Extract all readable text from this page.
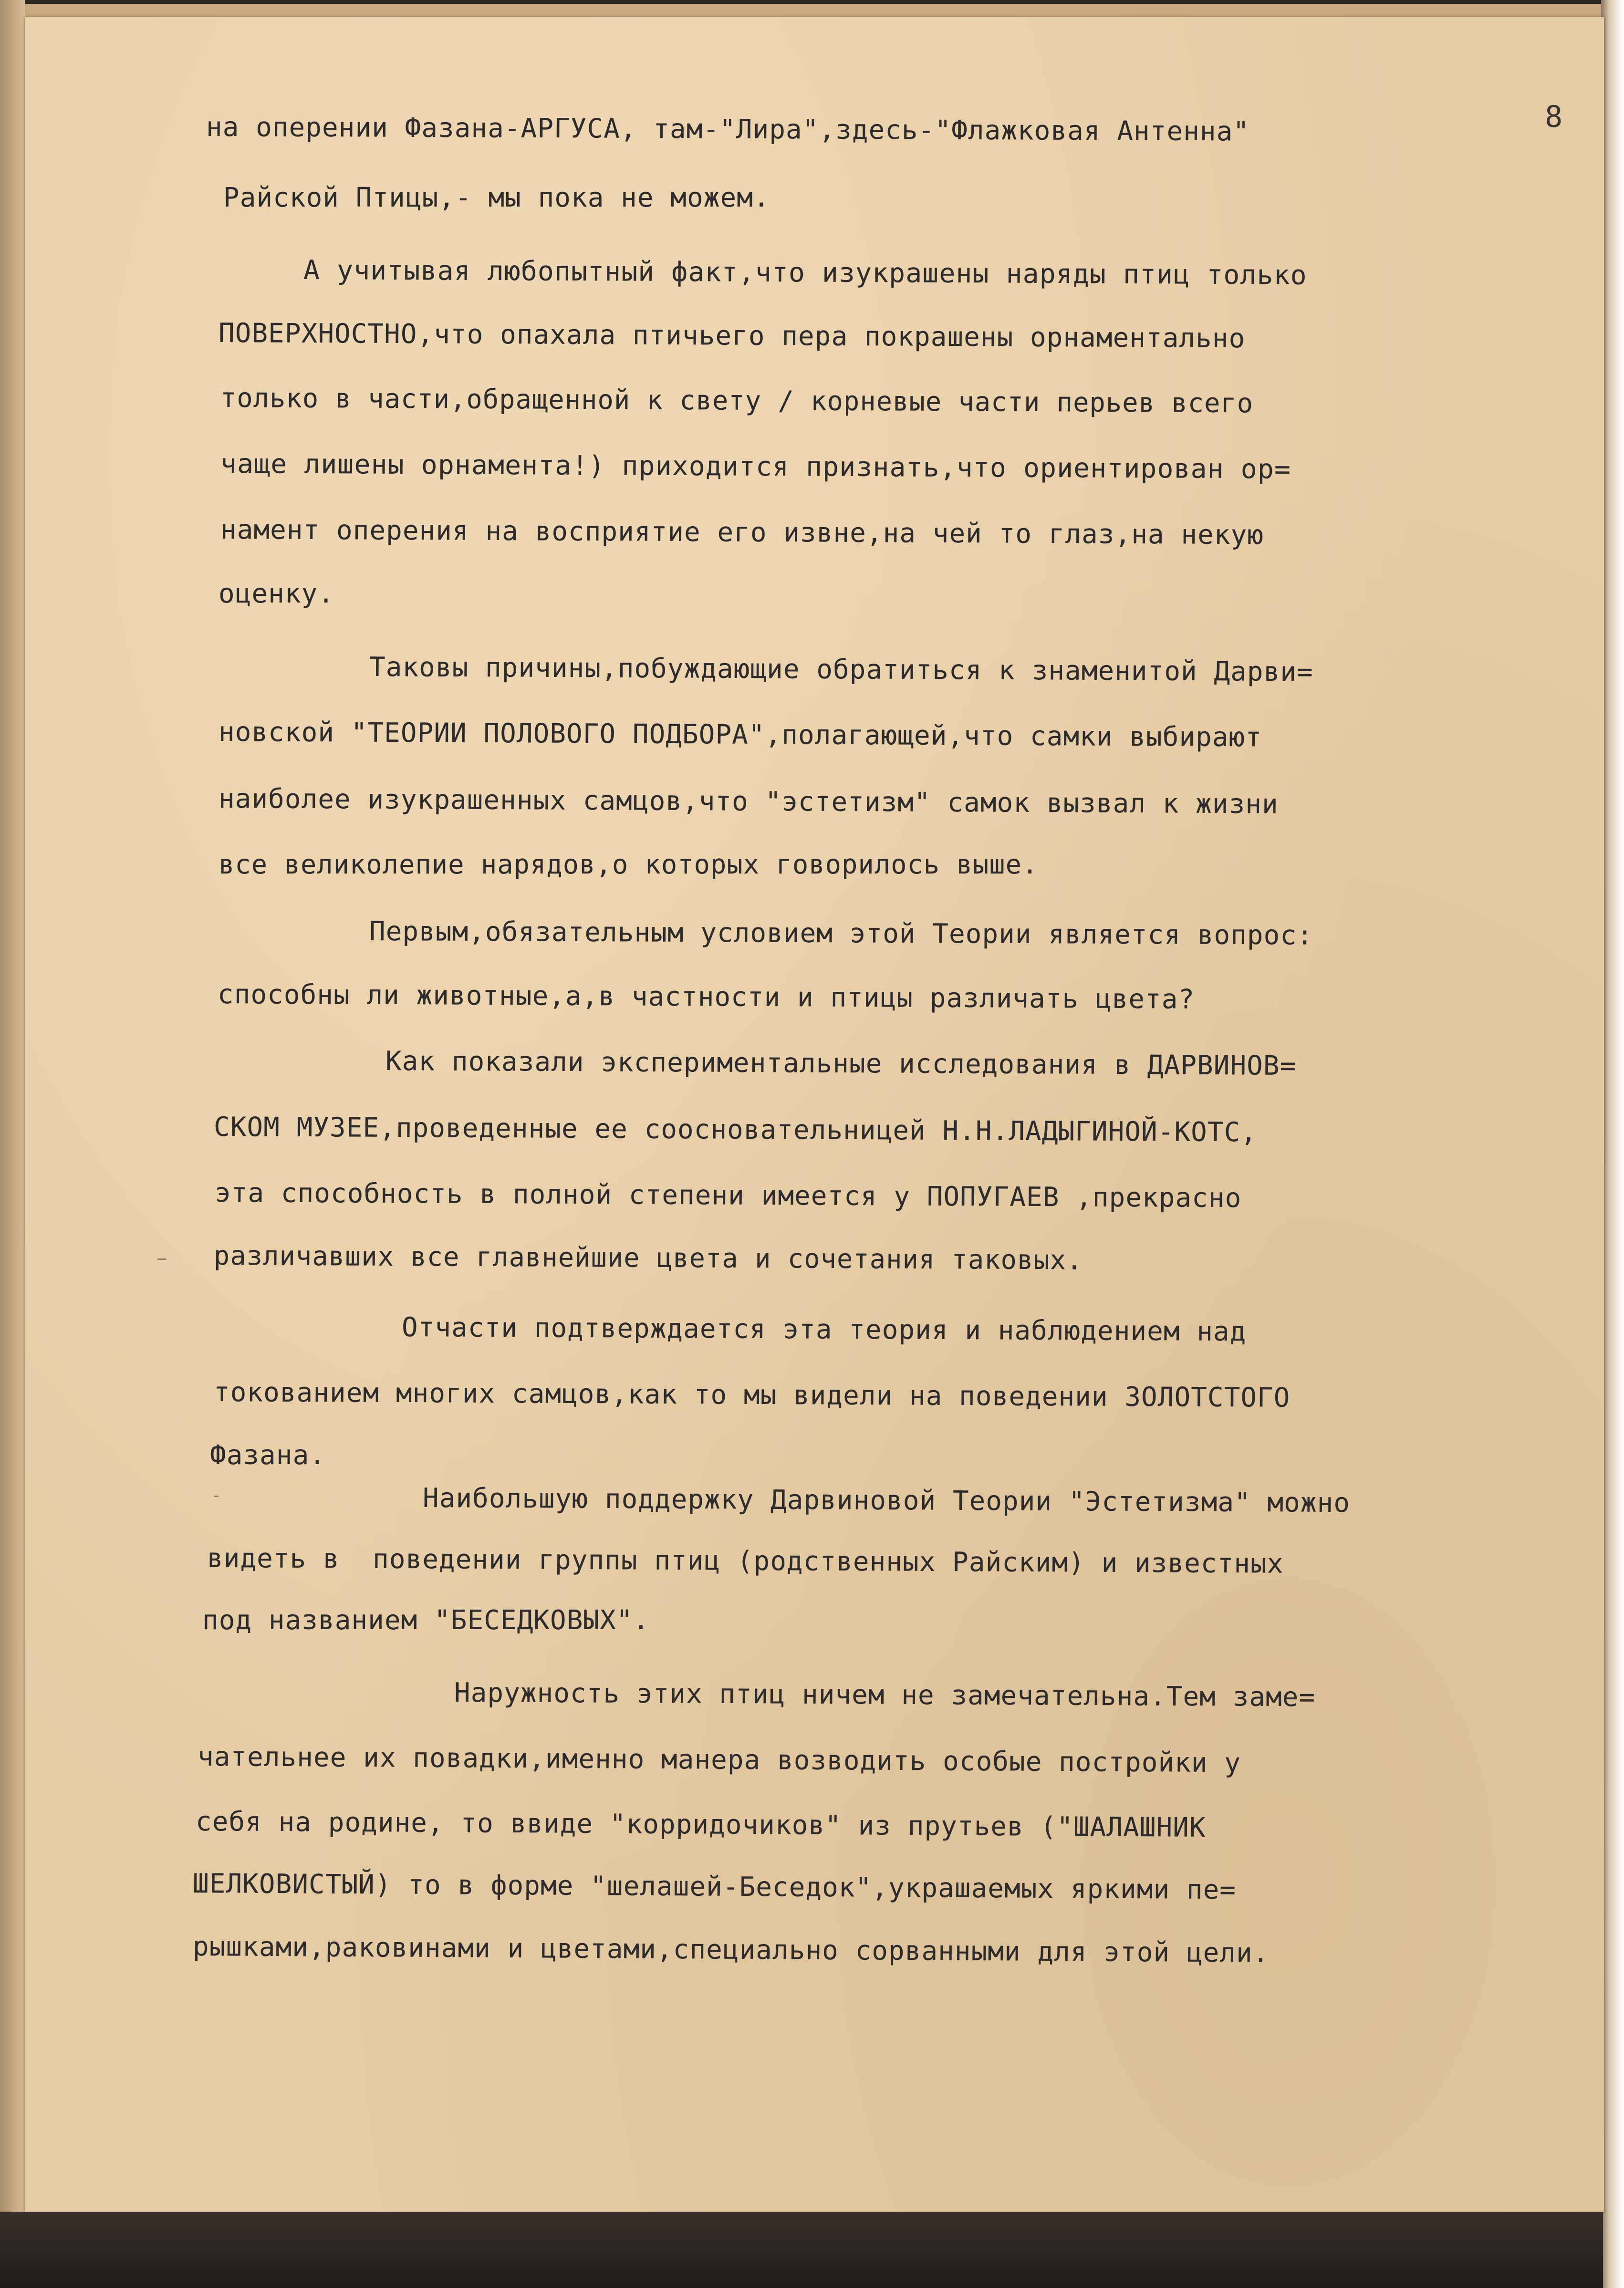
8

на оперении Фазана-АРГУСА, там-"Лира",здесь-"Флажковая Антенна"

Райской Птицы,- мы пока не можем.

А учитывая любопытный факт,что изукрашены наряды птиц только

ПОВЕРХНОСТНО,что опахала птичьего пера покрашены орнаментально

только в части,обращенной к свету / корневые части перьев всего

чаще лишены орнамента!) приходится признать,что ориентирован ор=

намент оперения на восприятие его извне,на чей то глаз,на некую

оценку.

Таковы причины,побуждающие обратиться к знаменитой Дарви=

новской "ТЕОРИИ ПОЛОВОГО ПОДБОРА",полагающей,что самки выбирают

наиболее изукрашенных самцов,что "эстетизм" самок вызвал к жизни

все великолепие нарядов,о которых говорилось выше.

Первым,обязательным условием этой Теории является вопрос:

способны ли животные,а,в частности и птицы различать цвета?

Как показали экспериментальные исследования в ДАРВИНОВ=

СКОМ МУЗЕЕ,проведенные ее соосновательницей Н.Н.ЛАДЫГИНОЙ-КОТС,

эта способность в полной степени имеется у ПОПУГАЕВ ,прекрасно

различавших все главнейшие цвета и сочетания таковых.

Отчасти подтверждается эта теория и наблюдением над

токованием многих самцов,как то мы видели на поведении ЗОЛОТСТОГО

Фазана.

Наибольшую поддержку Дарвиновой Теории "Эстетизма" можно

видеть в  поведении группы птиц (родственных Райским) и известных

под названием "БЕСЕДКОВЫХ".

Наружность этих птиц ничем не замечательна.Тем заме=

чательнее их повадки,именно манера возводить особые постройки у

себя на родине, то ввиде "корридочиков" из прутьев ("ШАЛАШНИК

ШЕЛКОВИСТЫЙ) то в форме "шелашей-Беседок",украшаемых яркими пе=

рышками,раковинами и цветами,специально сорванными для этой цели.
